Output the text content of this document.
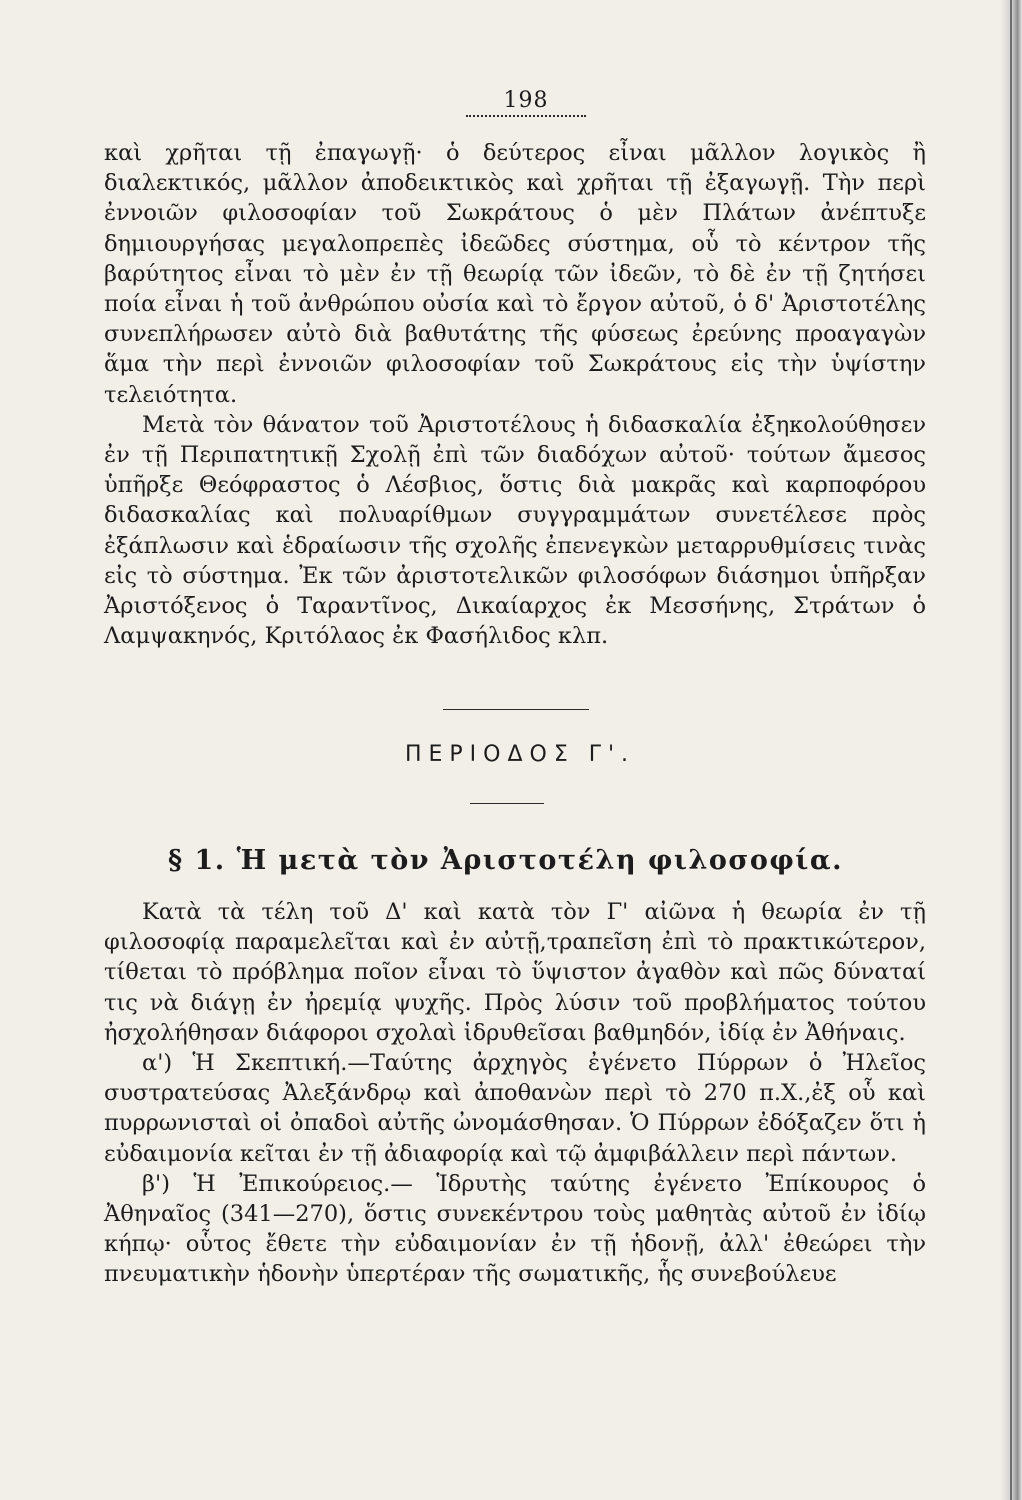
198

καὶ χρῆται τῇ ἐπαγωγῇ· ὁ δεύτερος εἶναι μᾶλλον λογικὸς ἢ διαλεκτικός, μᾶλλον ἀποδεικτικὸς καὶ χρῆται τῇ ἐξαγωγῇ. Τὴν περὶ ἐννοιῶν φιλοσοφίαν τοῦ Σωκράτους ὁ μὲν Πλάτων ἀνέπτυξε δημιουργήσας μεγαλοπρεπὲς ἰδεῶδες σύστημα, οὗ τὸ κέντρον τῆς βαρύτητος εἶναι τὸ μὲν ἐν τῇ θεωρίᾳ τῶν ἰδεῶν, τὸ δὲ ἐν τῇ ζητήσει ποία εἶναι ἡ τοῦ ἀνθρώπου οὐσία καὶ τὸ ἔργον αὐτοῦ, ὁ δ' Ἀριστοτέλης συνεπλήρωσεν αὐτὸ διὰ βαθυτάτης τῆς φύσεως ἐρεύνης προαγαγὼν ἅμα τὴν περὶ ἐννοιῶν φιλοσοφίαν τοῦ Σωκράτους εἰς τὴν ὑψίστην τελειότητα.

Μετὰ τὸν θάνατον τοῦ Ἀριστοτέλους ἡ διδασκαλία ἐξηκολούθησεν ἐν τῇ Περιπατητικῇ Σχολῇ ἐπὶ τῶν διαδόχων αὐτοῦ· τούτων ἄμεσος ὑπῆρξε Θεόφραστος ὁ Λέσβιος, ὅστις διὰ μακρᾶς καὶ καρποφόρου διδασκαλίας καὶ πολυαρίθμων συγγραμμάτων συνετέλεσε πρὸς ἐξάπλωσιν καὶ ἑδραίωσιν τῆς σχολῆς ἐπενεγκὼν μεταρρυθμίσεις τινὰς εἰς τὸ σύστημα. Ἐκ τῶν ἀριστοτελικῶν φιλοσόφων διάσημοι ὑπῆρξαν Ἀριστόξενος ὁ Ταραντῖνος, Δικαίαρχος ἐκ Μεσσήνης, Στράτων ὁ Λαμψακηνός, Κριτόλαος ἐκ Φασήλιδος κλπ.

ΠΕΡΙΟΔΟΣ Γ'.
§ 1. Ἡ μετὰ τὸν Ἀριστοτέλη φιλοσοφία.

Κατὰ τὰ τέλη τοῦ Δ' καὶ κατὰ τὸν Γ' αἰῶνα ἡ θεωρία ἐν τῇ φιλοσοφίᾳ παραμελεῖται καὶ ἐν αὐτῇ,τραπεῖση ἐπὶ τὸ πρακτικώτερον, τίθεται τὸ πρόβλημα ποῖον εἶναι τὸ ὕψιστον ἀγαθὸν καὶ πῶς δύναταί τις νὰ διάγῃ ἐν ἠρεμίᾳ ψυχῆς. Πρὸς λύσιν τοῦ προβλήματος τούτου ἠσχολήθησαν διάφοροι σχολαὶ ἱδρυθεῖσαι βαθμηδόν, ἰδίᾳ ἐν Ἀθήναις.

α') Ἡ Σκεπτική.—Ταύτης ἀρχηγὸς ἐγένετο Πύρρων ὁ Ἠλεῖος συστρατεύσας Ἀλεξάνδρῳ καὶ ἀποθανὼν περὶ τὸ 270 π.Χ.,ἐξ οὗ καὶ πυρρωνισταὶ οἱ ὀπαδοὶ αὐτῆς ὠνομάσθησαν. Ὁ Πύρρων ἐδόξαζεν ὅτι ἡ εὐδαιμονία κεῖται ἐν τῇ ἀδιαφορίᾳ καὶ τῷ ἀμφιβάλλειν περὶ πάντων.

β') Ἡ Ἐπικούρειος.— Ἱδρυτὴς ταύτης ἐγένετο Ἐπίκουρος ὁ Ἀθηναῖος (341—270), ὅστις συνεκέντρου τοὺς μαθητὰς αὐτοῦ ἐν ἰδίῳ κήπῳ· οὗτος ἔθετε τὴν εὐδαιμονίαν ἐν τῇ ἡδονῇ, ἀλλ' ἐθεώρει τὴν πνευματικὴν ἡδονὴν ὑπερτέραν τῆς σωματικῆς, ἧς συνεβούλευε
